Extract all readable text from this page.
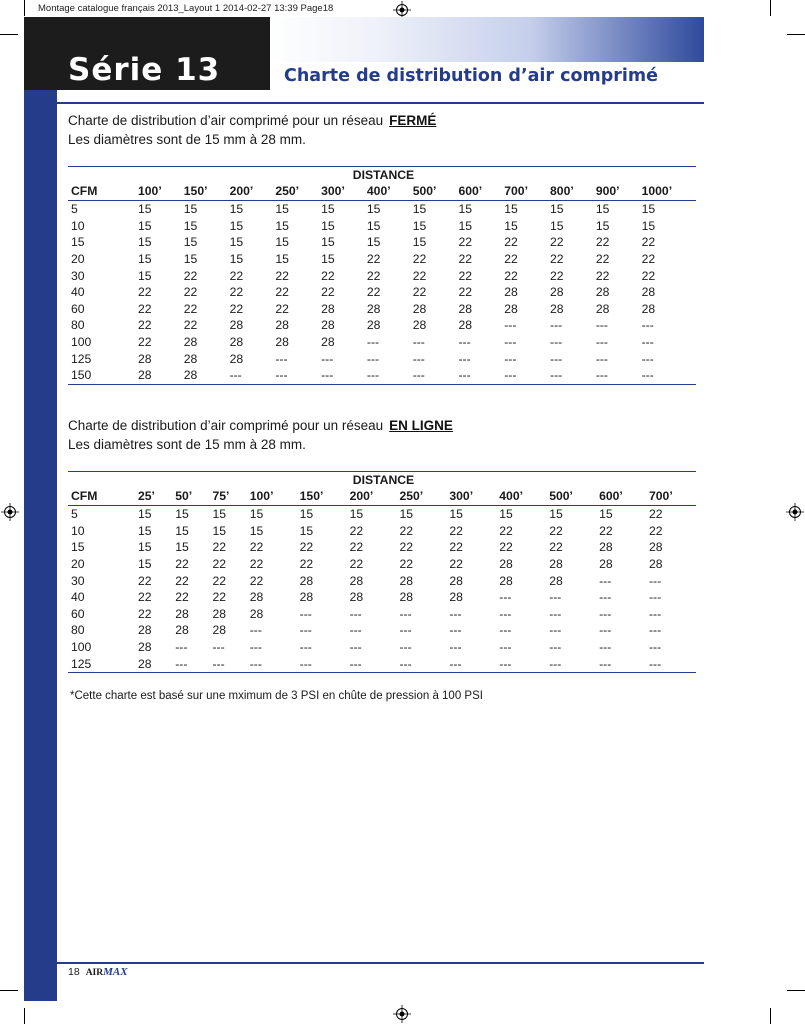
Montage catalogue français 2013_Layout 1 2014-02-27 13:39 Page18
Série 13	Charte de distribution d’air comprimé
Charte de distribution d’air comprimé pour un réseau FERMÉ
Les diamètres sont de 15 mm à 28 mm.
DISTANCE												
CFM	100’	150’	200’	250’	300’	400’	500’	600’	700’	800’	900’	1000’
5	15	15	15	15	15	15	15	15	15	15	15	15
10	15	15	15	15	15	15	15	15	15	15	15	15
15	15	15	15	15	15	15	15	22	22	22	22	22
20	15	15	15	15	15	22	22	22	22	22	22	22
30	15	22	22	22	22	22	22	22	22	22	22	22
40	22	22	22	22	22	22	22	22	28	28	28	28
60	22	22	22	22	28	28	28	28	28	28	28	28
80	22	22	28	28	28	28	28	28	---	---	---	---
100	22	28	28	28	28	---	---	---	---	---	---	---
125	28	28	28	---	---	---	---	---	---	---	---	---
150	28	28	---	---	---	---	---	---	---	---	---	---
Charte de distribution d’air comprimé pour un réseau EN LIGNE
Les diamètres sont de 15 mm à 28 mm.
DISTANCE												
CFM	25’	50’	75’	100’	150’	200’	250’	300’	400’	500’	600’	700’
5	15	15	15	15	15	15	15	15	15	15	15	22
10	15	15	15	15	15	22	22	22	22	22	22	22
15	15	15	22	22	22	22	22	22	22	22	28	28
20	15	22	22	22	22	22	22	22	28	28	28	28
30	22	22	22	22	28	28	28	28	28	28	---	---
40	22	22	22	28	28	28	28	28	---	---	---	---
60	22	28	28	28	---	---	---	---	---	---	---	---
80	28	28	28	---	---	---	---	---	---	---	---	---
100	28	---	---	---	---	---	---	---	---	---	---	---
125	28	---	---	---	---	---	---	---	---	---	---	---
*Cette charte est basé sur une mximum de 3 PSI en chûte de pression à 100 PSI
18 AIRMAX
